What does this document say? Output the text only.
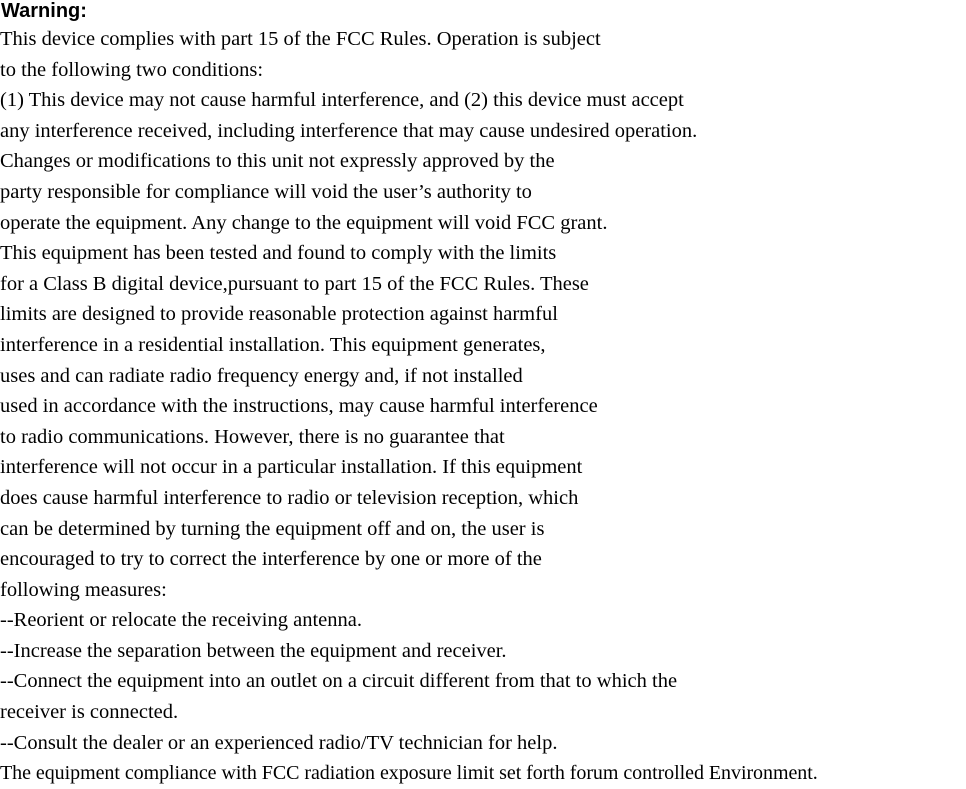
Warning:
This device complies with part 15 of the FCC Rules. Operation is subject
to the following two conditions:
(1) This device may not cause harmful interference, and (2) this device must accept
any interference received, including interference that may cause undesired operation.
Changes or modifications to this unit not expressly approved by the
party responsible for compliance will void the user’s authority to
operate the equipment. Any change to the equipment will void FCC grant.
This equipment has been tested and found to comply with the limits
for a Class B digital device,pursuant to part 15 of the FCC Rules. These
limits are designed to provide reasonable protection against harmful
interference in a residential installation. This equipment generates,
uses and can radiate radio frequency energy and, if not installed
used in accordance with the instructions, may cause harmful interference
to radio communications. However, there is no guarantee that
interference will not occur in a particular installation. If this equipment
does cause harmful interference to radio or television reception, which
can be determined by turning the equipment off and on, the user is
encouraged to try to correct the interference by one or more of the
following measures:
--Reorient or relocate the receiving antenna.
--Increase the separation between the equipment and receiver.
--Connect the equipment into an outlet on a circuit different from that to which the
receiver is connected.
--Consult the dealer or an experienced radio/TV technician for help.
The equipment compliance with FCC radiation exposure limit set forth forum controlled Environment.
